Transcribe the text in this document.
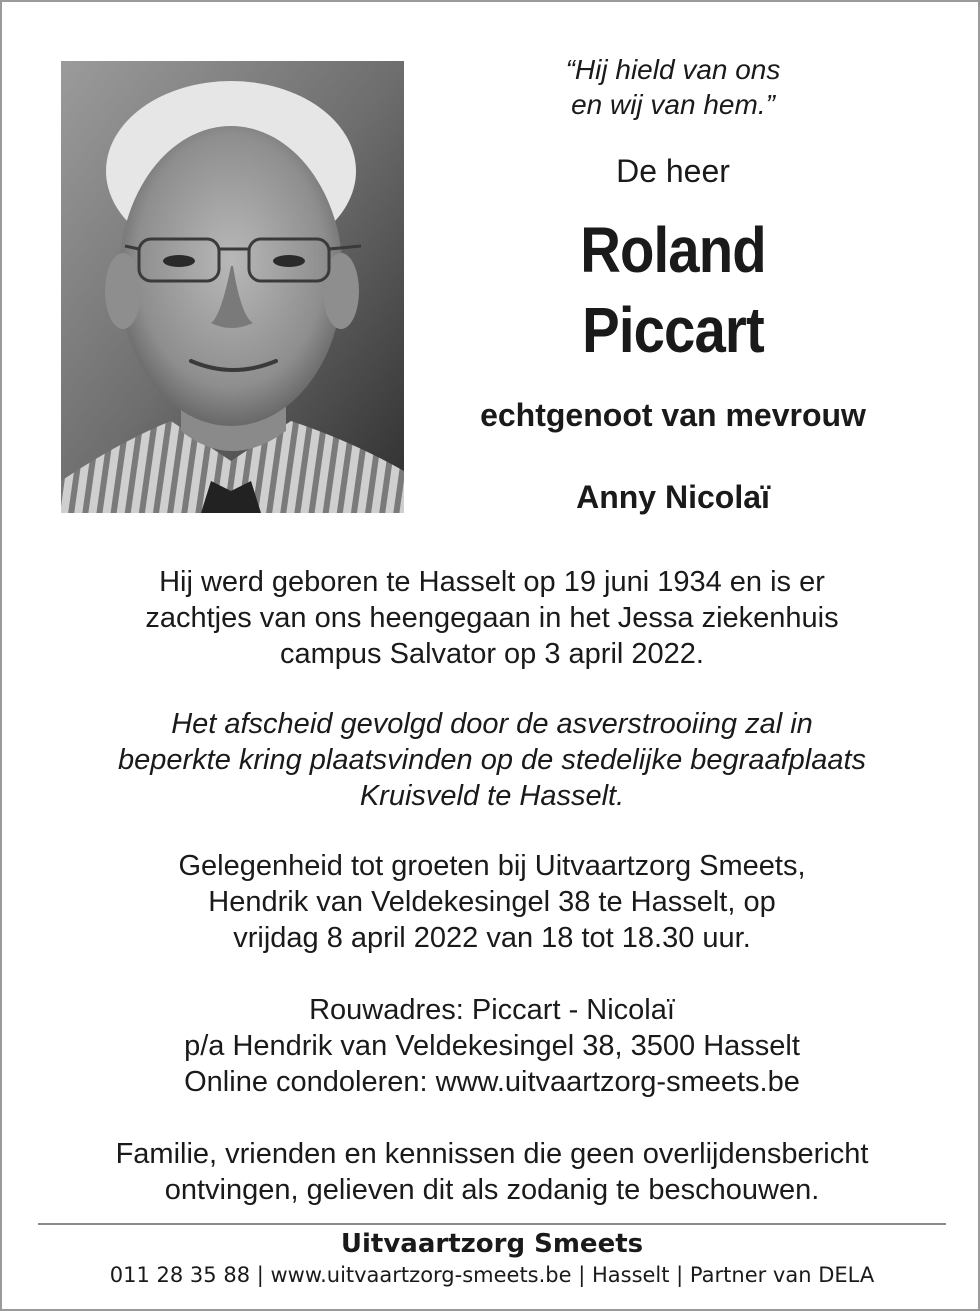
“Hij hield van ons
en wij van hem.”

De heer
Roland
Piccart
echtgenoot van mevrouw
Anny Nicolaï
Hij werd geboren te Hasselt op 19 juni 1934 en is er
zachtjes van ons heengegaan in het Jessa ziekenhuis
campus Salvator op 3 april 2022.
Het afscheid gevolgd door de asverstrooiing zal in
beperkte kring plaatsvinden op de stedelijke begraafplaats
Kruisveld te Hasselt.
Gelegenheid tot groeten bij Uitvaartzorg Smeets,
Hendrik van Veldekesingel 38 te Hasselt, op
vrijdag 8 april 2022 van 18 tot 18.30 uur.
Rouwadres: Piccart - Nicolaï
p/a Hendrik van Veldekesingel 38, 3500 Hasselt
Online condoleren: www.uitvaartzorg-smeets.be
Familie, vrienden en kennissen die geen overlijdensbericht
ontvingen, gelieven dit als zodanig te beschouwen.
Uitvaartzorg Smeets
011 28 35 88 | www.uitvaartzorg-smeets.be | Hasselt | Partner van DELA
